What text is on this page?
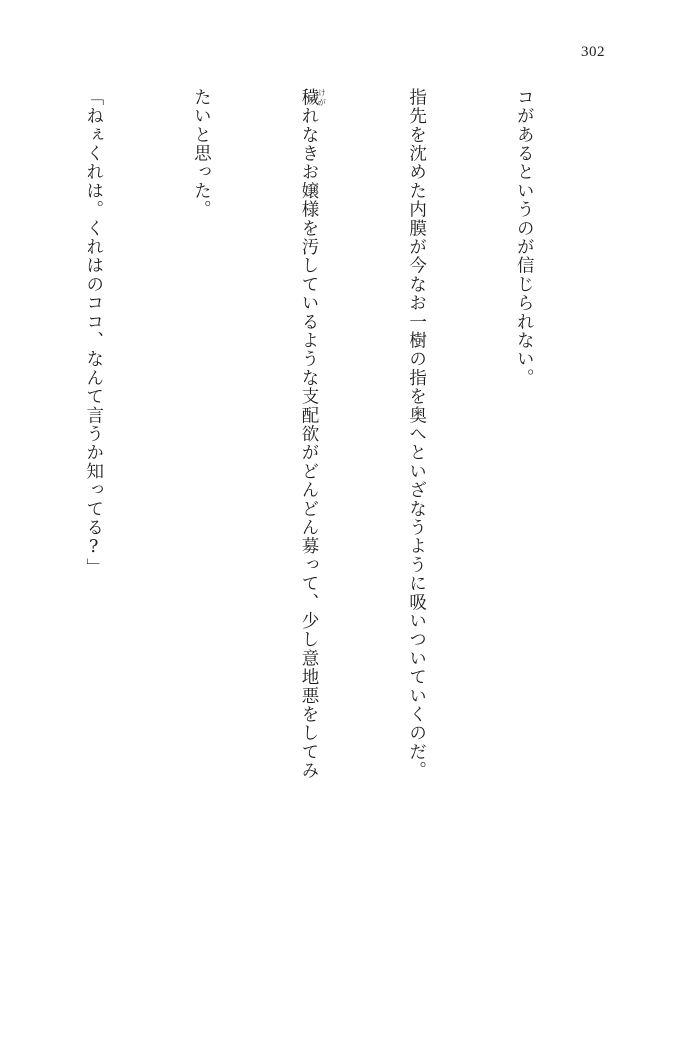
302

コがあるというのが信じられない。

指先を沈めた内膜が今なお一樹の指を奥へといざなうように吸いついていくのだ。

穢けがれなきお嬢様を汚しているような支配欲がどんどん募って、少し意地悪をしてみ

たいと思った。

「ねぇくれは。くれはのココ、なんて言うか知ってる?」
